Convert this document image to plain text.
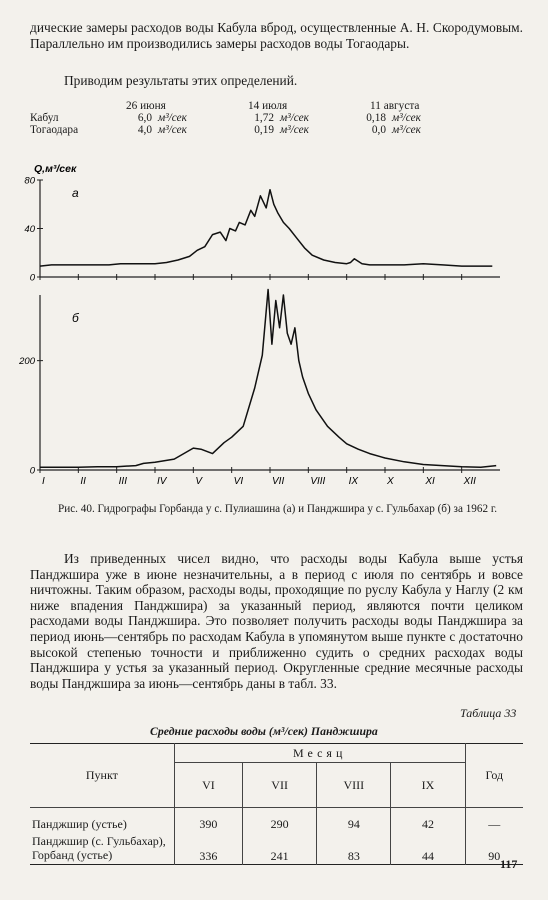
дические замеры расходов воды Кабула вброд, осуществленные А. Н. Скородумовым. Параллельно им производились замеры расходов воды Тогаодары.
Приводим результаты этих определений.
26 июня	14 июля	11 августа
Кабул	6,0 м³/сек	1,72 м³/сек	0,18 м³/сек
Тогаодара	4,0 м³/сек	0,19 м³/сек	0,0 м³/сек
Q,м³/сек
а
б
0
40
80
0
200
I	II	III	IV	V	VI	VII	VIII IX	X	XI	XII
Рис. 40. Гидрографы Горбанда у с. Пулиашина (а) и Панджшира у с. Гульбахар (б) за 1962 г.
Из приведенных чисел видно, что расходы воды Кабула выше устья Панджшира уже в июне незначительны, а в период с июля по сентябрь и вовсе ничтожны. Таким образом, расходы воды, проходящие по руслу Кабула у Наглу (2 км ниже впадения Панджшира) за указанный период, являются почти целиком расходами воды Панджшира. Это позволяет получить расходы воды Панджшира за период июнь—сентябрь по расходам Кабула в упомянутом выше пункте с достаточно высокой степенью точности и приближенно судить о средних расходах воды Панджшира у устья за указанный период. Округленные средние месячные расходы воды Панджшира за июнь—сентябрь даны в табл. 33.
Таблица 33
Средние расходы воды (м³/сек) Панджшира
Пункт	Месяц				Год
	VI	VII	VIII	IX	
Панджшир (устье)	390	290	94	42	—
Панджшир (с. Гульбахар), Горбанд (устье)	336	241	83	44	90
117
